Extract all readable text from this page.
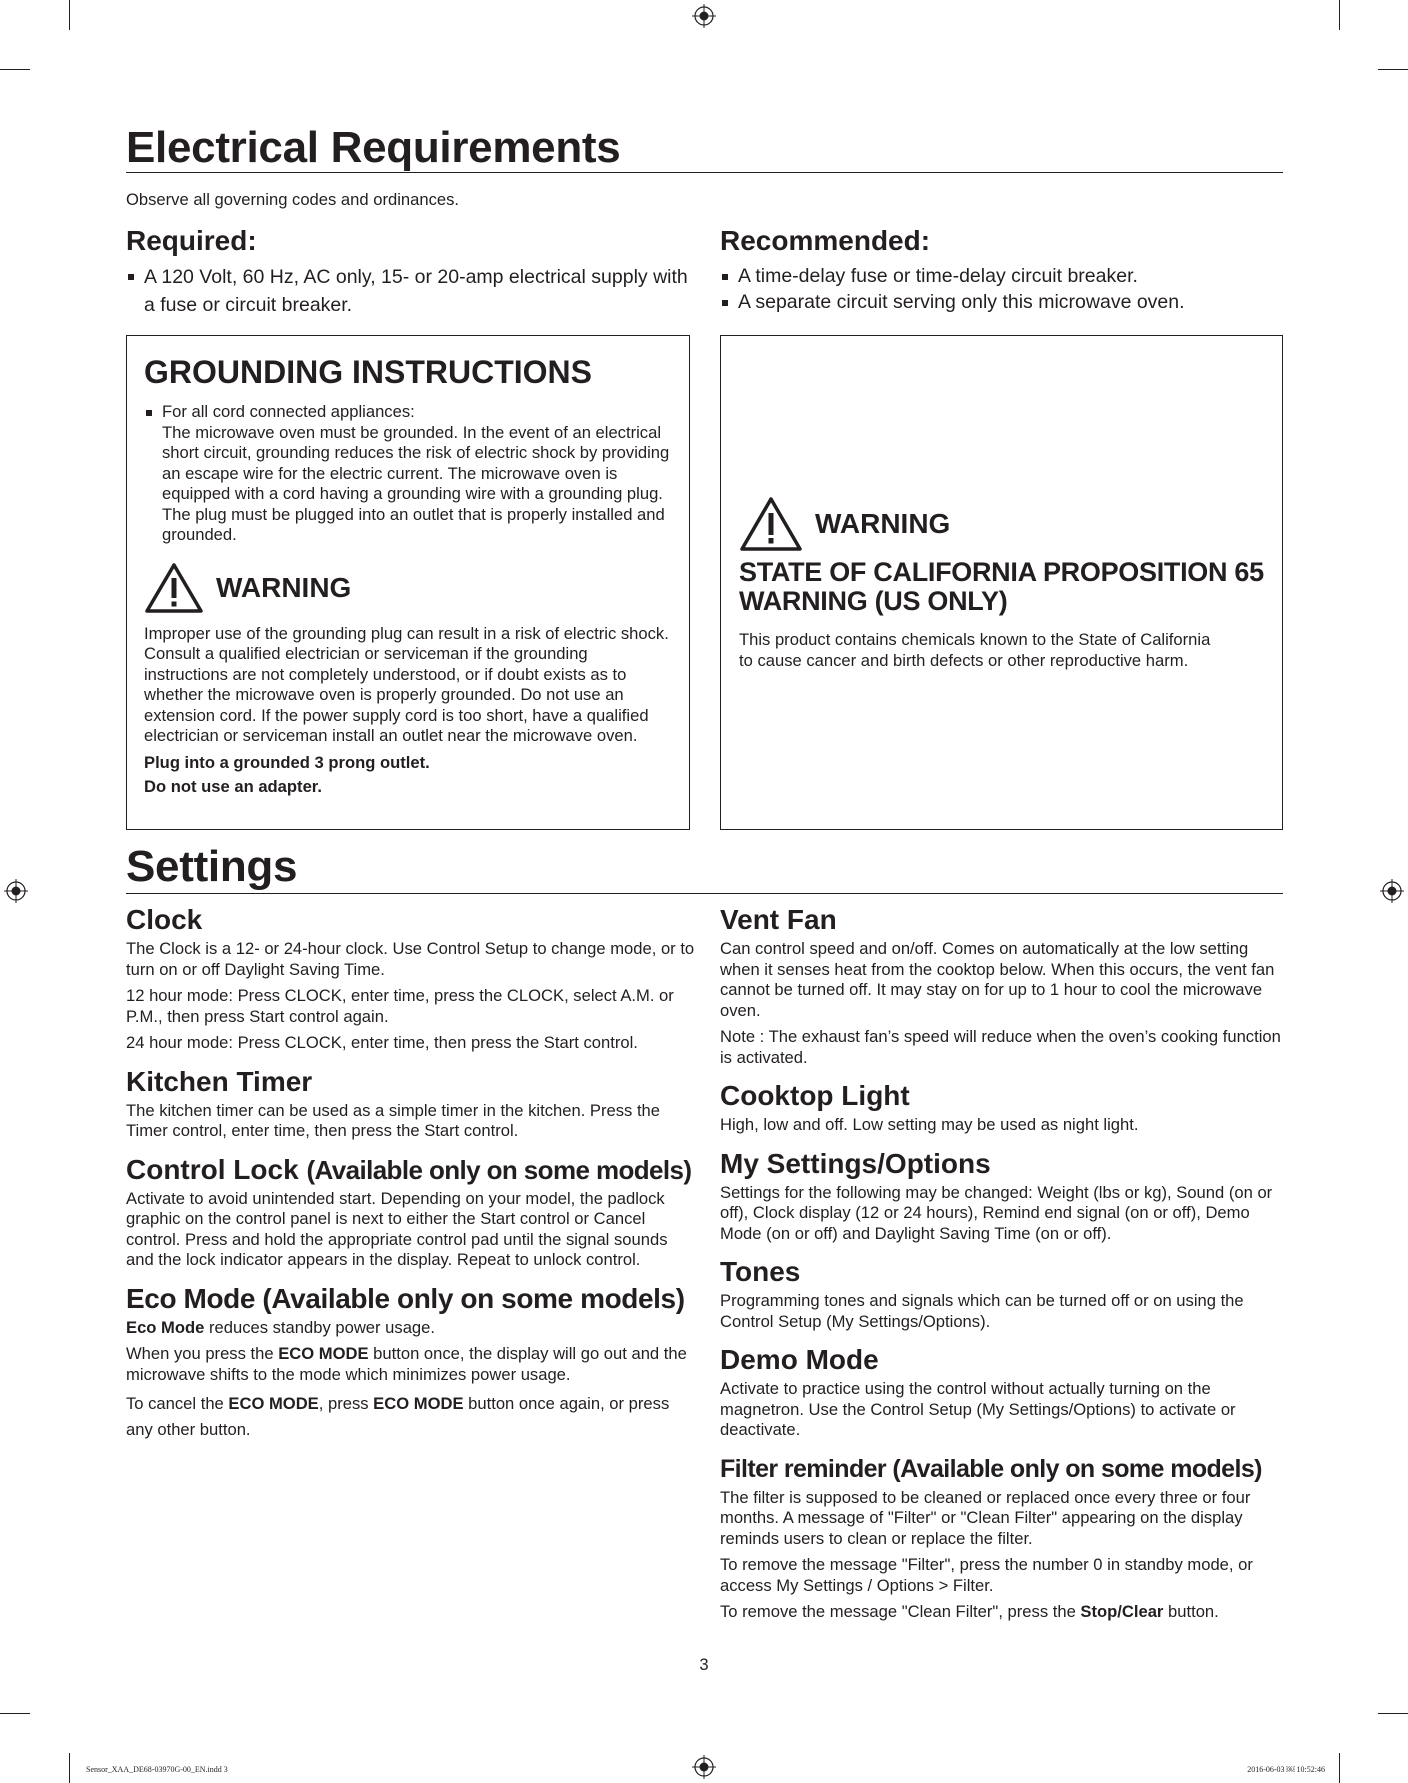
Electrical Requirements

Observe all governing codes and ordinances.

Required:
A 120 Volt, 60 Hz, AC only, 15- or 20-amp electrical supply with a fuse or circuit breaker.
Recommended:
A time-delay fuse or time-delay circuit breaker.
A separate circuit serving only this microwave oven.
GROUNDING INSTRUCTIONS
For all cord connected appliances:
The microwave oven must be grounded. In the event of an electrical short circuit, grounding reduces the risk of electric shock by providing an escape wire for the electric current. The microwave oven is equipped with a cord having a grounding wire with a grounding plug. The plug must be plugged into an outlet that is properly installed and grounded.
WARNING

Improper use of the grounding plug can result in a risk of electric shock. Consult a qualified electrician or serviceman if the grounding instructions are not completely understood, or if doubt exists as to whether the microwave oven is properly grounded. Do not use an extension cord. If the power supply cord is too short, have a qualified electrician or serviceman install an outlet near the microwave oven.

Plug into a grounded 3 prong outlet.

Do not use an adapter.

WARNING
STATE OF CALIFORNIA PROPOSITION 65 WARNING (US ONLY)

This product contains chemicals known to the State of California to cause cancer and birth defects or other reproductive harm.

Settings
Clock

The Clock is a 12- or 24-hour clock. Use Control Setup to change mode, or to turn on or off Daylight Saving Time.

12 hour mode: Press CLOCK, enter time, press the CLOCK, select A.M. or P.M., then press Start control again.

24 hour mode: Press CLOCK, enter time, then press the Start control.

Kitchen Timer

The kitchen timer can be used as a simple timer in the kitchen. Press the Timer control, enter time, then press the Start control.

Control Lock (Available only on some models)

Activate to avoid unintended start. Depending on your model, the padlock graphic on the control panel is next to either the Start control or Cancel control. Press and hold the appropriate control pad until the signal sounds and the lock indicator appears in the display. Repeat to unlock control.

Eco Mode (Available only on some models)

Eco Mode reduces standby power usage.

When you press the ECO MODE button once, the display will go out and the microwave shifts to the mode which minimizes power usage.

To cancel the ECO MODE, press ECO MODE button once again, or press any other button.

Vent Fan

Can control speed and on/off. Comes on automatically at the low setting when it senses heat from the cooktop below. When this occurs, the vent fan cannot be turned off. It may stay on for up to 1 hour to cool the microwave oven.

Note : The exhaust fan’s speed will reduce when the oven’s cooking function is activated.

Cooktop Light

High, low and off. Low setting may be used as night light.

My Settings/Options

Settings for the following may be changed: Weight (lbs or kg), Sound (on or off), Clock display (12 or 24 hours), Remind end signal (on or off), Demo Mode (on or off) and Daylight Saving Time (on or off).

Tones

Programming tones and signals which can be turned off or on using the Control Setup (My Settings/Options).

Demo Mode

Activate to practice using the control without actually turning on the magnetron. Use the Control Setup (My Settings/Options) to activate or deactivate.

Filter reminder (Available only on some models)

The filter is supposed to be cleaned or replaced once every three or four months. A message of "Filter" or "Clean Filter" appearing on the display reminds users to clean or replace the filter.

To remove the message "Filter", press the number 0 in standby mode, or access My Settings / Options > Filter.

To remove the message "Clean Filter", press the Stop/Clear button.

3
Sensor_XAA_DE68-03970G-00_EN.indd 3	2016-06-03 ￼ 10:52:46
